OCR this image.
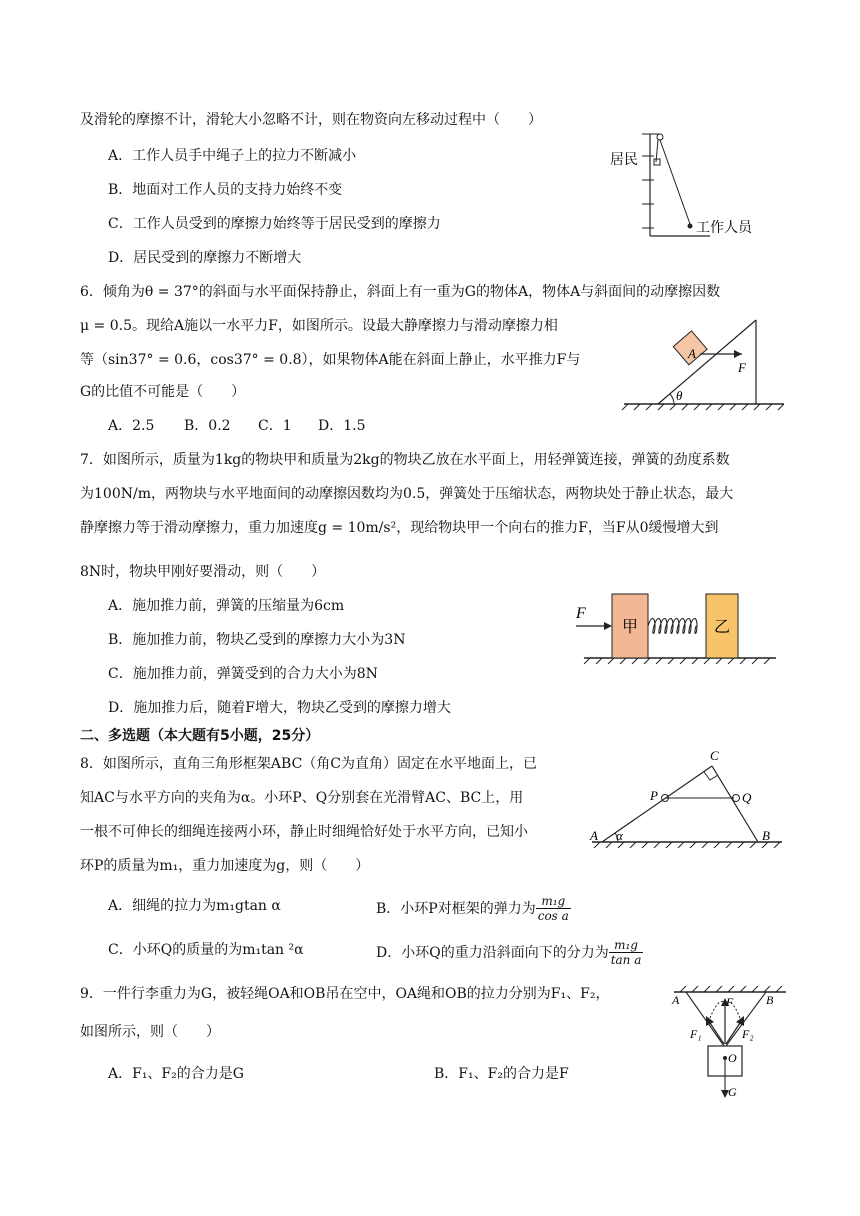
及滑轮的摩擦不计，滑轮大小忽略不计，则在物资向左移动过程中（　　）
A．工作人员手中绳子上的拉力不断减小
B．地面对工作人员的支持力始终不变
C．工作人员受到的摩擦力始终等于居民受到的摩擦力
D．居民受到的摩擦力不断增大
居民
工作人员
6．倾角为θ = 37°的斜面与水平面保持静止，斜面上有一重为G的物体A，物体A与斜面间的动摩擦因数
μ = 0.5。现给A施以一水平力F，如图所示。设最大静摩擦力与滑动摩擦力相
等（sin37° = 0.6，cos37° = 0.8），如果物体A能在斜面上静止，水平推力F与
G的比值不可能是（　　）
A．2.5 B．0.2 C．1 D．1.5
A
F
θ
7．如图所示，质量为1kg的物块甲和质量为2kg的物块乙放在水平面上，用轻弹簧连接，弹簧的劲度系数
为100N/m，两物块与水平地面间的动摩擦因数均为0.5，弹簧处于压缩状态，两物块处于静止状态，最大
静摩擦力等于滑动摩擦力，重力加速度g = 10m/s²，现给物块甲一个向右的推力F，当F从0缓慢增大到
8N时，物块甲刚好要滑动，则（　　）
A．施加推力前，弹簧的压缩量为6cm
B．施加推力前，物块乙受到的摩擦力大小为3N
C．施加推力前，弹簧受到的合力大小为8N
D．施加推力后，随着F增大，物块乙受到的摩擦力增大
F
甲	乙
二、多选题（本大题有5小题，25分）
8．如图所示，直角三角形框架ABC（角C为直角）固定在水平地面上，已
知AC与水平方向的夹角为α。小环P、Q分别套在光滑臂AC、BC上，用
一根不可伸长的细绳连接两小环，静止时细绳恰好处于水平方向，已知小
环P的质量为m₁，重力加速度为g，则（　　）
A．细绳的拉力为m₁gtan α	B．小环P对框架的弹力为 $\frac{\text{m₁g}}{\text{cos a}}$
C．小环Q的质量的为m₁tan ²α	D．小环Q的重力沿斜面向下的分力为 $\frac{\text{m₁g}}{\text{tan a}}$
A	B
C
P	Q
α
9．一件行李重力为G，被轻绳OA和OB吊在空中，OA绳和OB的拉力分别为F₁、F₂，
如图所示，则（　　）
A．F₁、F₂的合力是G	B．F₁、F₂的合力是F
A	B
F
F₁	F₂
O
G
